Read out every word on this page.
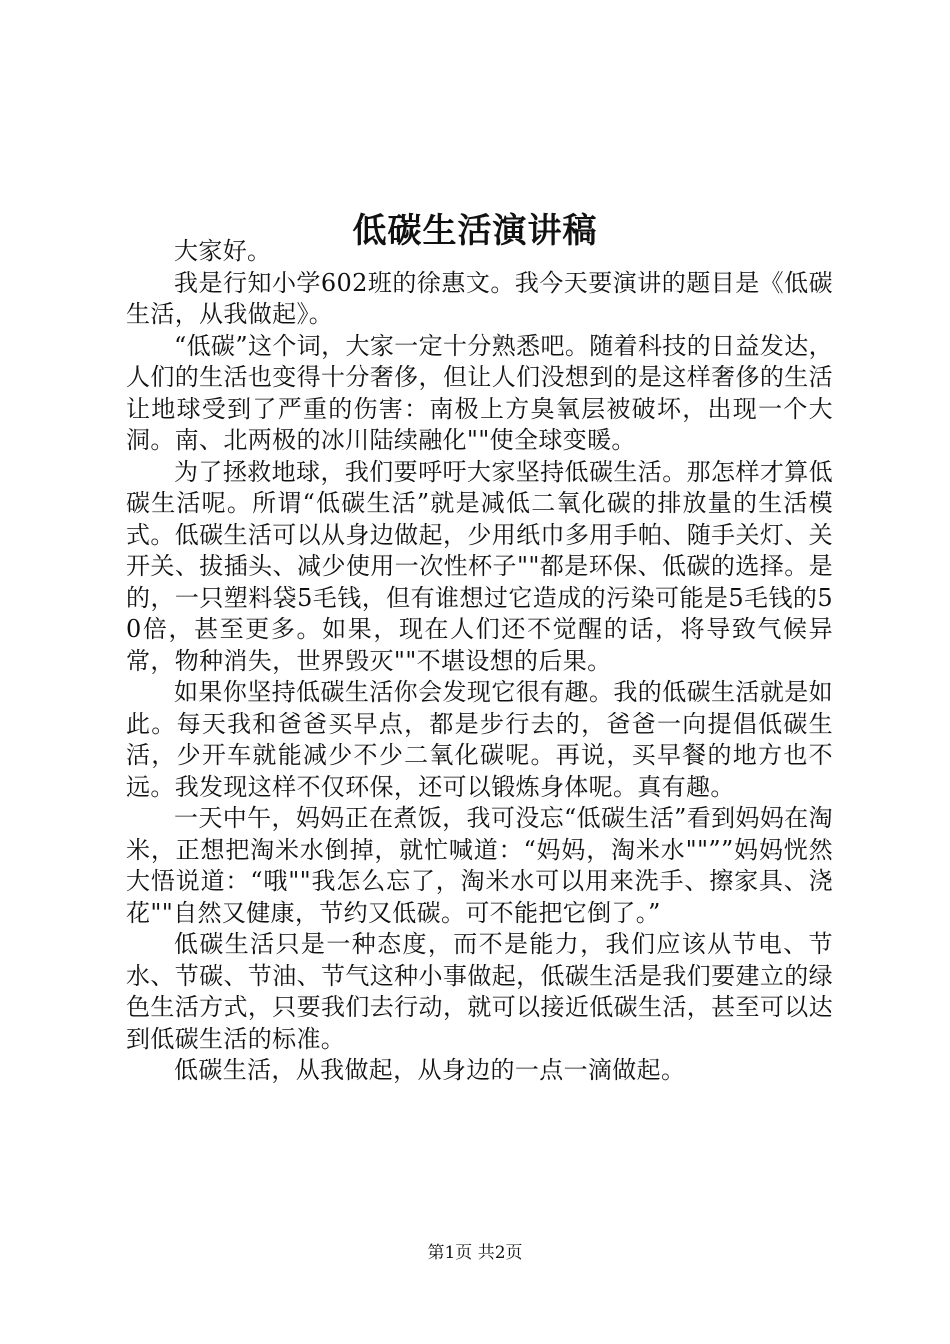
低碳生活演讲稿

大家好。

我是行知小学602班的徐惠文。我今天要演讲的题目是《低碳生活，从我做起》。

“低碳”这个词，大家一定十分熟悉吧。随着科技的日益发达，人们的生活也变得十分奢侈，但让人们没想到的是这样奢侈的生活让地球受到了严重的伤害：南极上方臭氧层被破坏，出现一个大洞。南、北两极的冰川陆续融化""使全球变暖。

为了拯救地球，我们要呼吁大家坚持低碳生活。那怎样才算低碳生活呢。所谓“低碳生活”就是减低二氧化碳的排放量的生活模式。低碳生活可以从身边做起，少用纸巾多用手帕、随手关灯、关开关、拔插头、减少使用一次性杯子""都是环保、低碳的选择。是的，一只塑料袋5毛钱，但有谁想过它造成的污染可能是5毛钱的50倍，甚至更多。如果，现在人们还不觉醒的话，将导致气候异常，物种消失，世界毁灭""不堪设想的后果。

如果你坚持低碳生活你会发现它很有趣。我的低碳生活就是如此。每天我和爸爸买早点，都是步行去的，爸爸一向提倡低碳生活，少开车就能减少不少二氧化碳呢。再说，买早餐的地方也不远。我发现这样不仅环保，还可以锻炼身体呢。真有趣。

一天中午，妈妈正在煮饭，我可没忘“低碳生活”看到妈妈在淘米，正想把淘米水倒掉，就忙喊道：“妈妈，淘米水""””妈妈恍然大悟说道：“哦""我怎么忘了，淘米水可以用来洗手、擦家具、浇花""自然又健康，节约又低碳。可不能把它倒了。”

低碳生活只是一种态度，而不是能力，我们应该从节电、节水、节碳、节油、节气这种小事做起，低碳生活是我们要建立的绿色生活方式，只要我们去行动，就可以接近低碳生活，甚至可以达到低碳生活的标准。

低碳生活，从我做起，从身边的一点一滴做起。

第1页 共2页
